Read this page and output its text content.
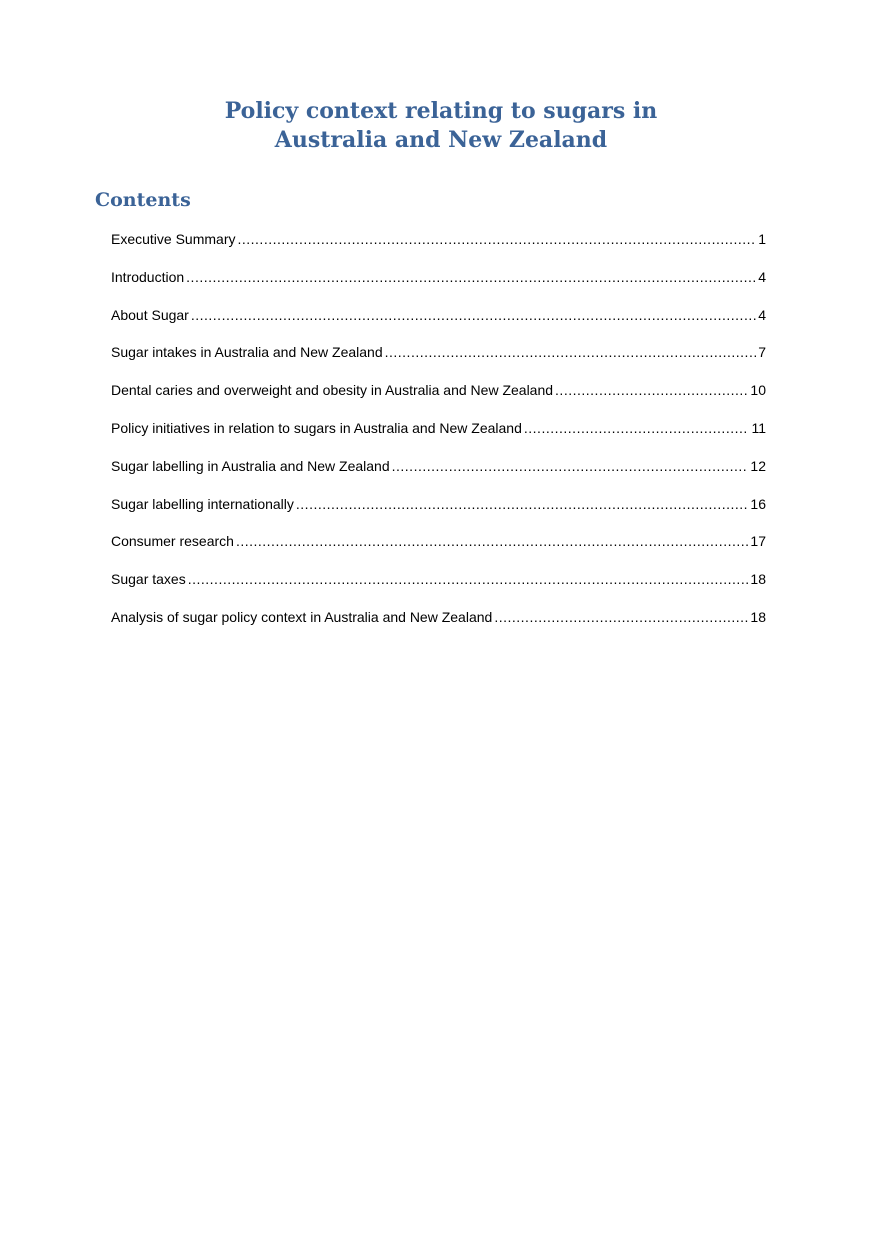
Policy context relating to sugars in
Australia and New Zealand
Contents
Executive Summary .....	1
Introduction .....	4
About Sugar .....	4
Sugar intakes in Australia and New Zealand .....	7
Dental caries and overweight and obesity in Australia and New Zealand .....	10
Policy initiatives in relation to sugars in Australia and New Zealand .....	11
Sugar labelling in Australia and New Zealand .....	12
Sugar labelling internationally .....	16
Consumer research .....	17
Sugar taxes .....	18
Analysis of sugar policy context in Australia and New Zealand .....	18
